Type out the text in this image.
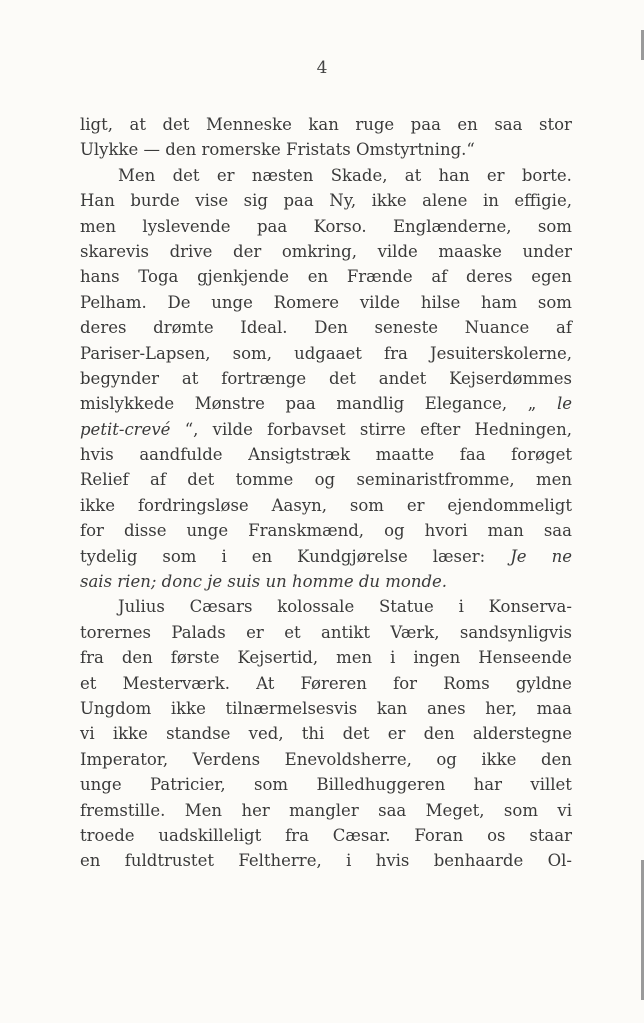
4
ligt, at det Menneske kan ruge paa en saa stor
Ulykke — den romerske Fristats Omstyrtning.“
Men det er næsten Skade, at han er borte.
Han burde vise sig paa Ny, ikke alene in effigie,
men lyslevende paa Korso. Englænderne, som
skarevis drive der omkring, vilde maaske under
hans Toga gjenkjende en Frænde af deres egen
Pelham. De unge Romere vilde hilse ham som
deres drømte Ideal. Den seneste Nuance af
Pariser-Lapsen, som, udgaaet fra Jesuiterskolerne,
begynder at fortrænge det andet Kejserdømmes
mislykkede Mønstre paa mandlig Elegance, „ le
petit-crevé “, vilde forbavset stirre efter Hedningen,
hvis aandfulde Ansigtstræk maatte faa forøget
Relief af det tomme og seminaristfromme, men
ikke fordringsløse Aasyn, som er ejendommeligt
for disse unge Franskmænd, og hvori man saa
tydelig som i en Kundgjørelse læser: Je ne
sais rien; donc je suis un homme du monde.
Julius Cæsars kolossale Statue i Konserva-
torernes Palads er et antikt Værk, sandsynligvis
fra den første Kejsertid, men i ingen Henseende
et Mesterværk. At Føreren for Roms gyldne
Ungdom ikke tilnærmelsesvis kan anes her, maa
vi ikke standse ved, thi det er den alderstegne
Imperator, Verdens Enevoldsherre, og ikke den
unge Patricier, som Billedhuggeren har villet
fremstille. Men her mangler saa Meget, som vi
troede uadskilleligt fra Cæsar. Foran os staar
en fuldtrustet Feltherre, i hvis benhaarde Ol-
